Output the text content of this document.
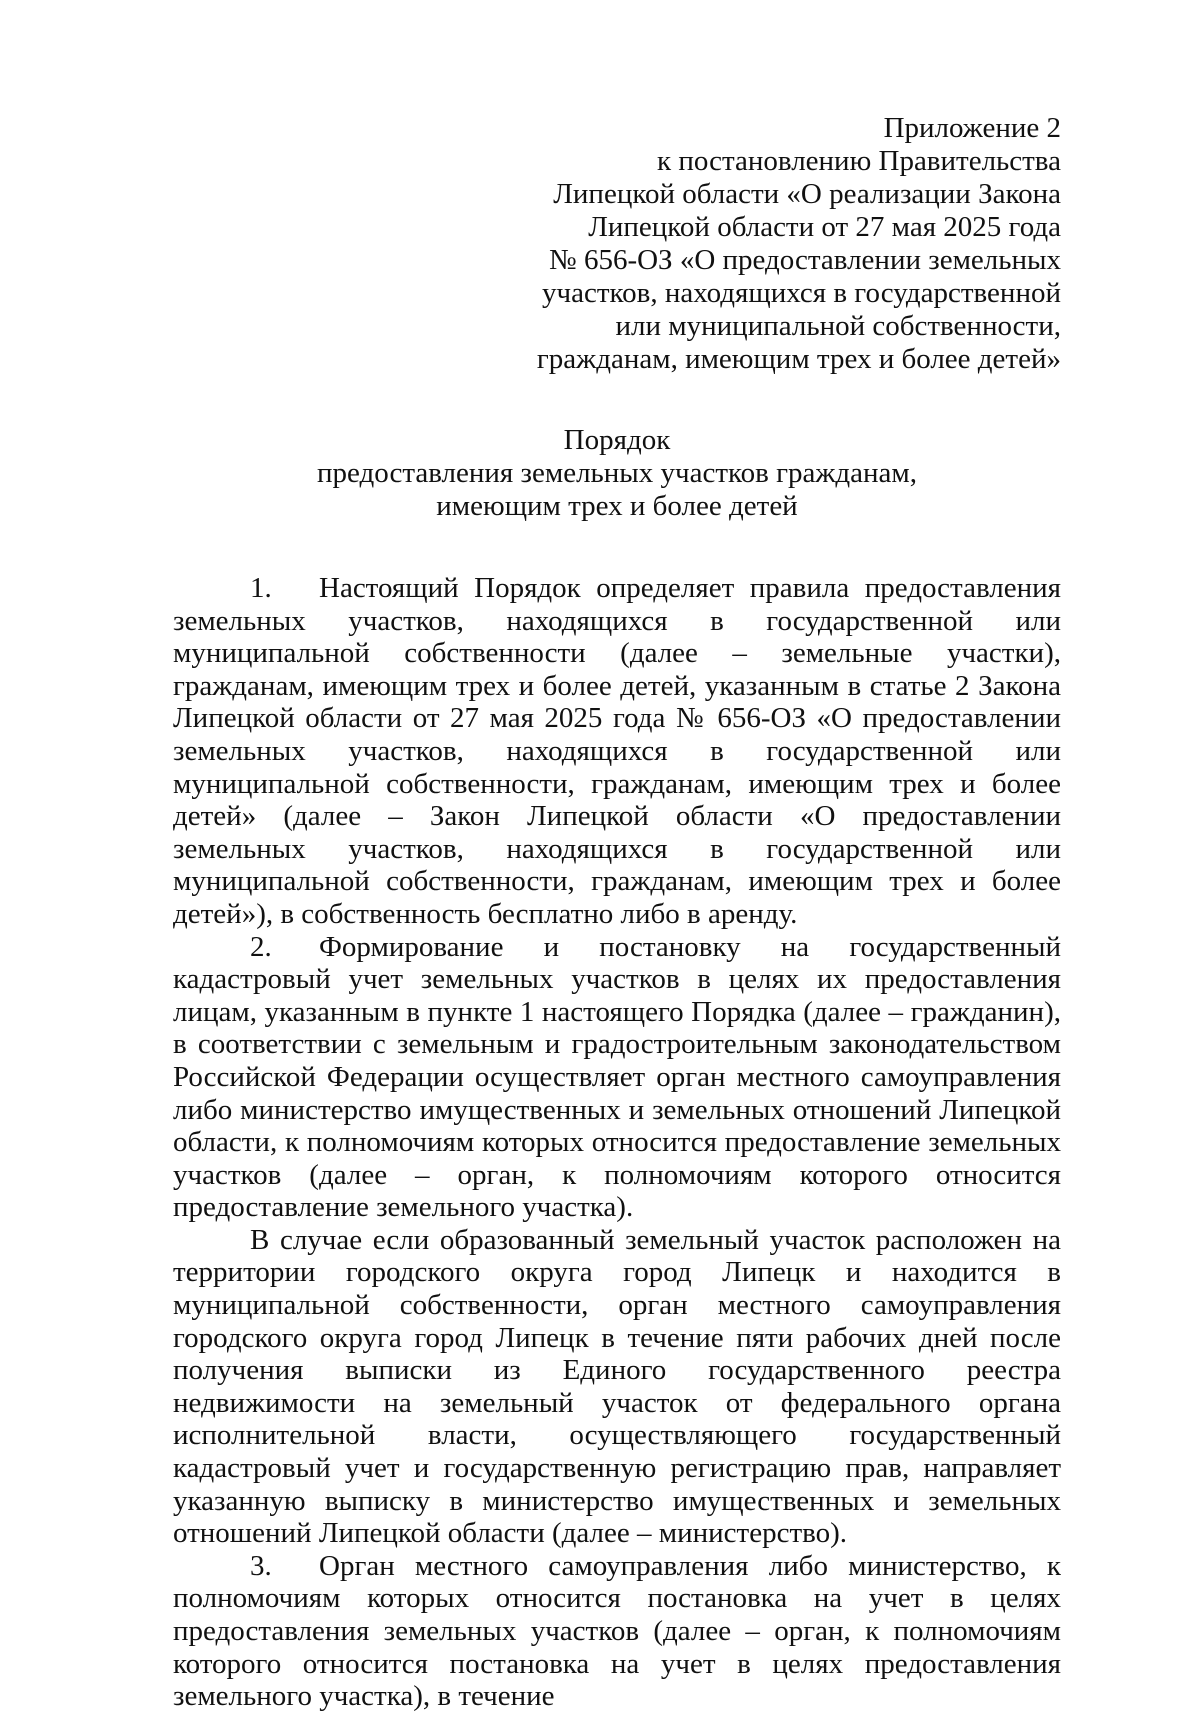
Приложение 2
к постановлению Правительства
Липецкой области «О реализации Закона
Липецкой области от 27 мая 2025 года
№ 656-ОЗ «О предоставлении земельных
участков, находящихся в государственной
или муниципальной собственности,
гражданам, имеющим трех и более детей»
Порядок
предоставления земельных участков гражданам,
имеющим трех и более детей

1. Настоящий Порядок определяет правила предоставления земельных участков, находящихся в государственной или муниципальной собственности (далее – земельные участки), гражданам, имеющим трех и более детей, указанным в статье 2 Закона Липецкой области от 27 мая 2025 года № 656-ОЗ «О предоставлении земельных участков, находящихся в государственной или муниципальной собственности, гражданам, имеющим трех и более детей» (далее – Закон Липецкой области «О предоставлении земельных участков, находящихся в государственной или муниципальной собственности, гражданам, имеющим трех и более детей»), в собственность бесплатно либо в аренду.

2. Формирование и постановку на государственный кадастровый учет земельных участков в целях их предоставления лицам, указанным в пункте 1 настоящего Порядка (далее – гражданин), в соответствии с земельным и градостроительным законодательством Российской Федерации осуществляет орган местного самоуправления либо министерство имущественных и земельных отношений Липецкой области, к полномочиям которых относится предоставление земельных участков (далее – орган, к полномочиям которого относится предоставление земельного участка).

В случае если образованный земельный участок расположен на территории городского округа город Липецк и находится в муниципальной собственности, орган местного самоуправления городского округа город Липецк в течение пяти рабочих дней после получения выписки из Единого государственного реестра недвижимости на земельный участок от федерального органа исполнительной власти, осуществляющего государственный кадастровый учет и государственную регистрацию прав, направляет указанную выписку в министерство имущественных и земельных отношений Липецкой области (далее – министерство).

3. Орган местного самоуправления либо министерство, к полномочиям которых относится постановка на учет в целях предоставления земельных участков (далее – орган, к полномочиям которого относится постановка на учет в целях предоставления земельного участка), в течение
